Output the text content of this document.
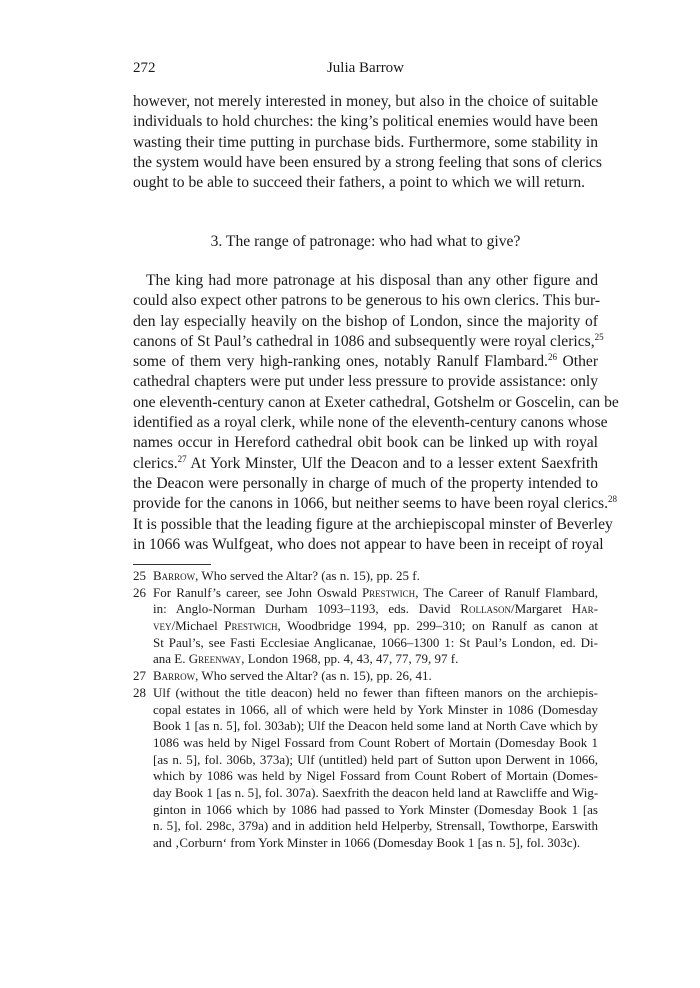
272	Julia Barrow
however, not merely interested in money, but also in the choice of suitable
individuals to hold churches: the king’s political enemies would have been
wasting their time putting in purchase bids. Furthermore, some stability in
the system would have been ensured by a strong feeling that sons of clerics
ought to be able to succeed their fathers, a point to which we will return.
3. The range of patronage: who had what to give?
The king had more patronage at his disposal than any other figure and
could also expect other patrons to be generous to his own clerics. This bur-
den lay especially heavily on the bishop of London, since the majority of
canons of St Paul’s cathedral in 1086 and subsequently were royal clerics,$^{25}$
some of them very high-ranking ones, notably Ranulf Flambard.$^{26}$ Other
cathedral chapters were put under less pressure to provide assistance: only
one eleventh-century canon at Exeter cathedral, Gotshelm or Goscelin, can be
identified as a royal clerk, while none of the eleventh-century canons whose
names occur in Hereford cathedral obit book can be linked up with royal
clerics.$^{27}$ At York Minster, Ulf the Deacon and to a lesser extent Saexfrith
the Deacon were personally in charge of much of the property intended to
provide for the canons in 1066, but neither seems to have been royal clerics.$^{28}$
It is possible that the leading figure at the archiepiscopal minster of Beverley
in 1066 was Wulfgeat, who does not appear to have been in receipt of royal
25 Barrow, Who served the Altar? (as n. 15), pp. 25 f.
26 For Ranulf’s career, see John Oswald Prestwich, The Career of Ranulf Flambard,
in: Anglo-Norman Durham 1093–1193, eds. David Rollason/Margaret Har-
vey/Michael Prestwich, Woodbridge 1994, pp. 299–310; on Ranulf as canon at
St Paul’s, see Fasti Ecclesiae Anglicanae, 1066–1300 1: St Paul’s London, ed. Di-
ana E. Greenway, London 1968, pp. 4, 43, 47, 77, 79, 97 f.
27 Barrow, Who served the Altar? (as n. 15), pp. 26, 41.
28 Ulf (without the title deacon) held no fewer than fifteen manors on the archiepis-
copal estates in 1066, all of which were held by York Minster in 1086 (Domesday
Book 1 [as n. 5], fol. 303ab); Ulf the Deacon held some land at North Cave which by
1086 was held by Nigel Fossard from Count Robert of Mortain (Domesday Book 1
[as n. 5], fol. 306b, 373a); Ulf (untitled) held part of Sutton upon Derwent in 1066,
which by 1086 was held by Nigel Fossard from Count Robert of Mortain (Domes-
day Book 1 [as n. 5], fol. 307a). Saexfrith the deacon held land at Rawcliffe and Wig-
ginton in 1066 which by 1086 had passed to York Minster (Domesday Book 1 [as
n. 5], fol. 298c, 379a) and in addition held Helperby, Strensall, Towthorpe, Earswith
and ‚Corburn‘ from York Minster in 1066 (Domesday Book 1 [as n. 5], fol. 303c).
